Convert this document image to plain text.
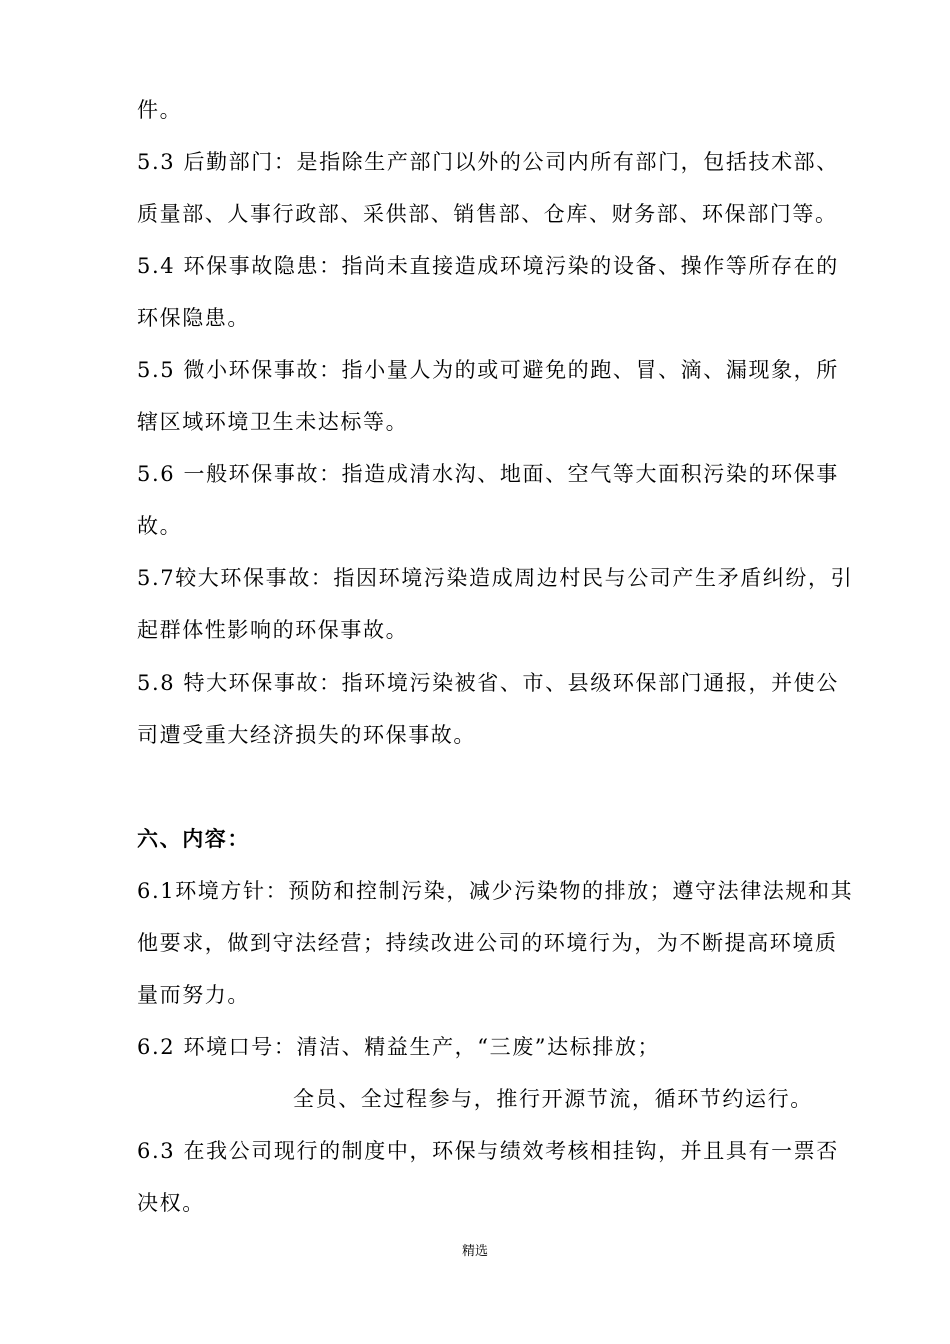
件。
5.3 后勤部门：是指除生产部门以外的公司内所有部门，包括技术部、
质量部、人事行政部、采供部、销售部、仓库、财务部、环保部门等。
5.4 环保事故隐患：指尚未直接造成环境污染的设备、操作等所存在的
环保隐患。
5.5 微小环保事故：指小量人为的或可避免的跑、冒、滴、漏现象，所
辖区域环境卫生未达标等。
5.6 一般环保事故：指造成清水沟、地面、空气等大面积污染的环保事
故。
5.7较大环保事故：指因环境污染造成周边村民与公司产生矛盾纠纷，引
起群体性影响的环保事故。
5.8 特大环保事故：指环境污染被省、市、县级环保部门通报，并使公
司遭受重大经济损失的环保事故。
六、内容：
6.1环境方针：预防和控制污染，减少污染物的排放；遵守法律法规和其
他要求，做到守法经营；持续改进公司的环境行为，为不断提高环境质
量而努力。
6.2 环境口号：清洁、精益生产，“三废”达标排放；
全员、全过程参与，推行开源节流，循环节约运行。
6.3 在我公司现行的制度中，环保与绩效考核相挂钩，并且具有一票否
决权。
精选
